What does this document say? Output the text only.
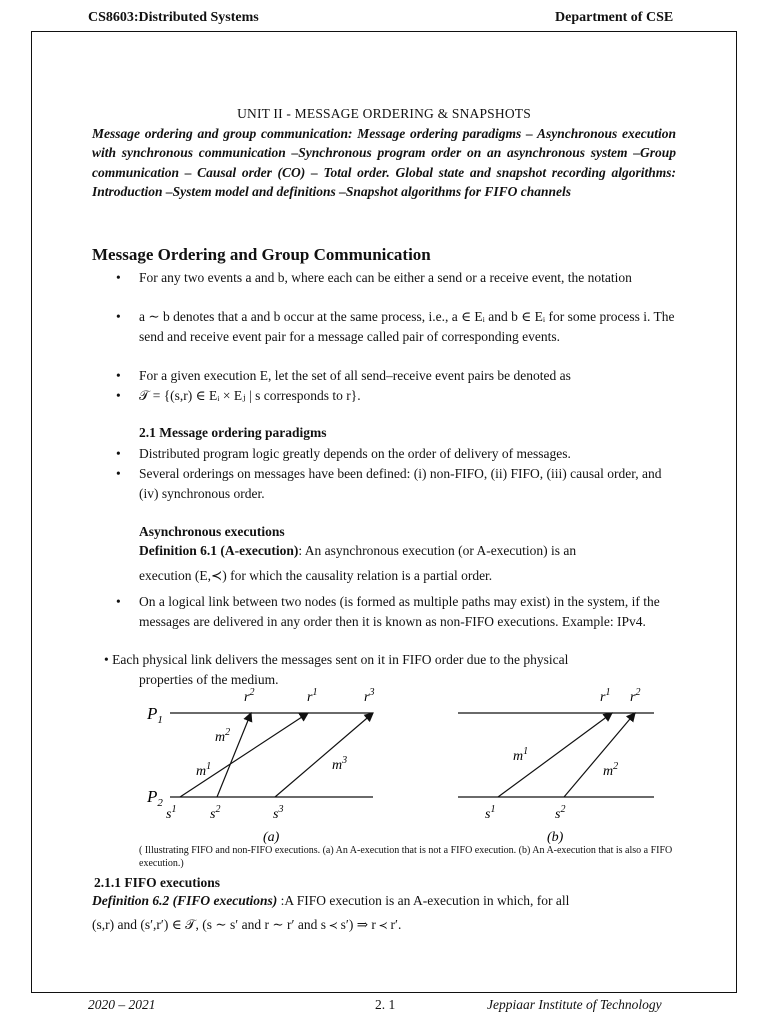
CS8603:Distributed Systems	Department of CSE
UNIT II - MESSAGE ORDERING & SNAPSHOTS
Message ordering and group communication: Message ordering paradigms – Asynchronous execution with synchronous communication –Synchronous program order on an asynchronous system –Group communication – Causal order (CO) – Total order. Global state and snapshot recording algorithms: Introduction –System model and definitions –Snapshot algorithms for FIFO channels
Message Ordering and Group Communication
• For any two events a and b, where each can be either a send or a receive event, the notation
• a ∼ b denotes that a and b occur at the same process, i.e., a ∈ Eᵢ and b ∈ Eᵢ for some process i. The send and receive event pair for a message called pair of corresponding events.
• For a given execution E, let the set of all send–receive event pairs be denoted as
• 𝒯 = {(s,r) ∈ Eᵢ × Eⱼ | s corresponds to r}.
2.1 Message ordering paradigms
• Distributed program logic greatly depends on the order of delivery of messages.
• Several orderings on messages have been defined: (i) non-FIFO, (ii) FIFO, (iii) causal order, and (iv) synchronous order.
Asynchronous executions
Definition 6.1 (A-execution): An asynchronous execution (or A-execution) is an
execution (E,≺) for which the causality relation is a partial order.
• On a logical link between two nodes (is formed as multiple paths may exist) in the system, if the messages are delivered in any order then it is known as non-FIFO executions. Example: IPv4.
• Each physical link delivers the messages sent on it in FIFO order due to the physical
properties of the medium.
$P_1$
$P_2$
$r^2$	$r^1$	$r^3$
$s^1$ $s^2$	$s^3$
$m^2$
$m^1$	$m^3$
(a)
$r^1$ $r^2$
$s^1$	$s^2$
$m^1$
$m^2$
(b)
( Illustrating FIFO and non-FIFO executions. (a) An A-execution that is not a FIFO execution. (b) An A-execution that is also a FIFO execution.)
2.1.1 FIFO executions
Definition 6.2 (FIFO executions) :A FIFO execution is an A-execution in which, for all
(s,r) and (s′,r′) ∈ 𝒯, (s ∼ s′ and r ∼ r′ and s ≺ s′) ⇒ r ≺ r′.
2020 – 2021	2. 1	Jeppiaar Institute of Technology
